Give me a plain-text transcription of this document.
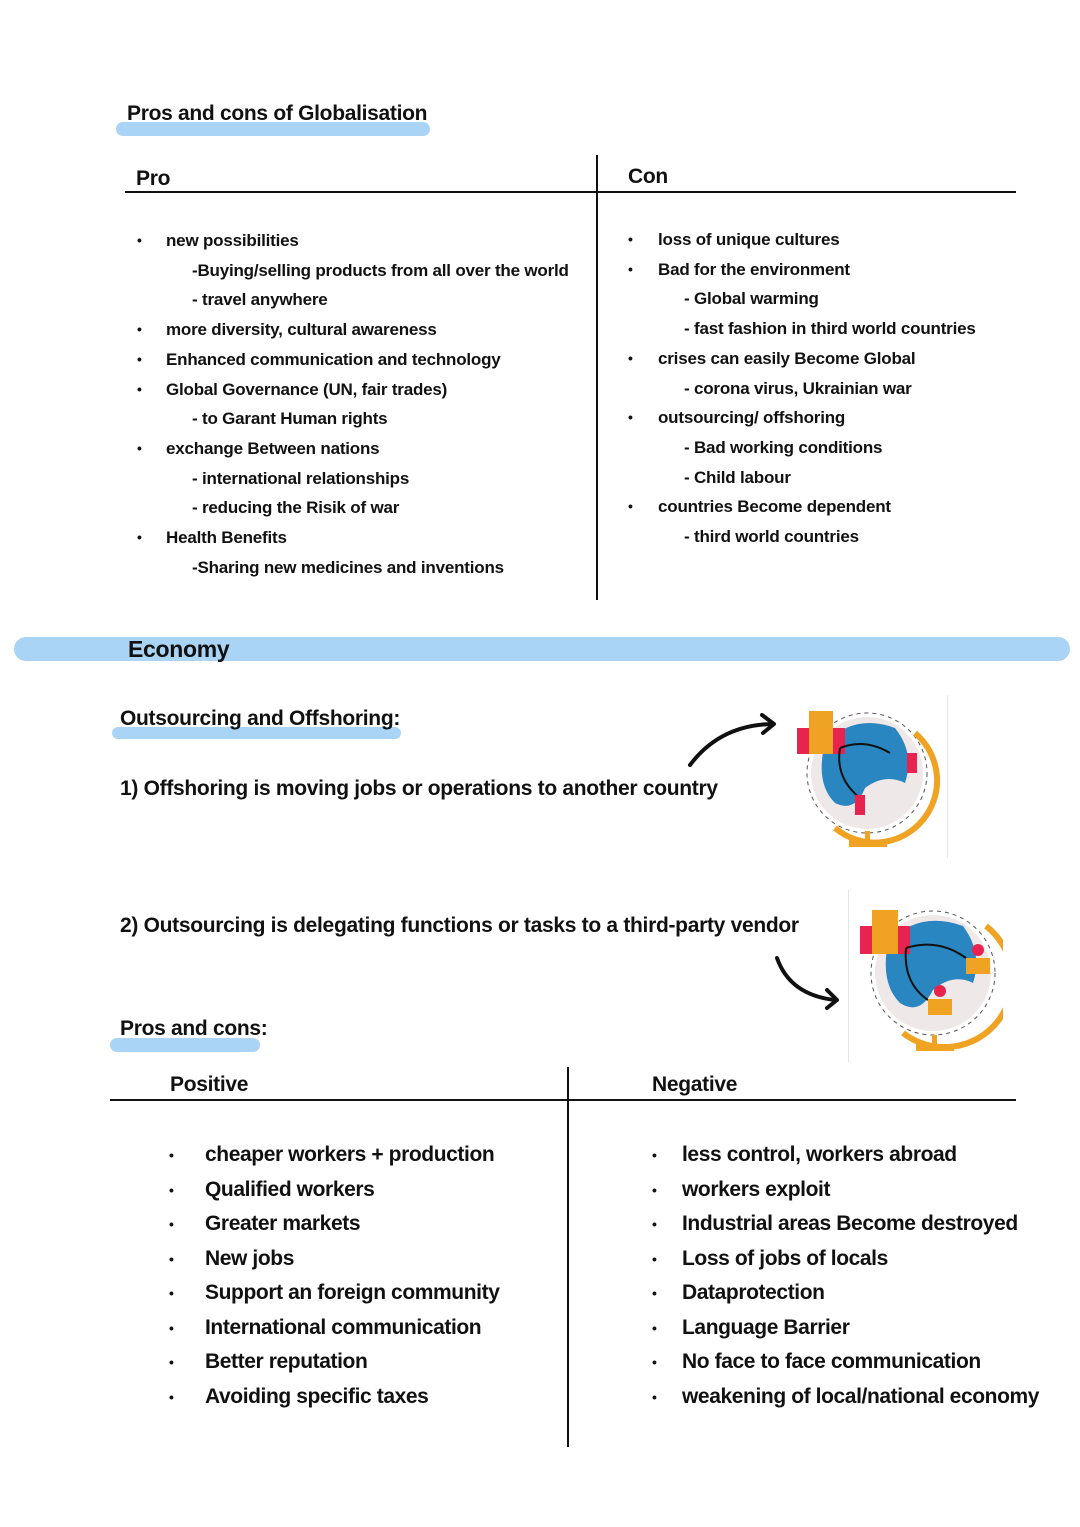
Pros and cons of Globalisation
Pro	Con
• new possibilities
-Buying/selling products from all over the world
- travel anywhere
• more diversity, cultural awareness
• Enhanced communication and technology
• Global Governance (UN, fair trades)
- to Garant Human rights
• exchange Between nations
- international relationships
- reducing the Risik of war
• Health Benefits
-Sharing new medicines and inventions
• loss of unique cultures
• Bad for the environment
- Global warming
- fast fashion in third world countries
• crises can easily Become Global
- corona virus, Ukrainian war
• outsourcing/ offshoring
- Bad working conditions
- Child labour
• countries Become dependent
- third world countries
Economy
Outsourcing and Offshoring:
1) Offshoring is moving jobs or operations to another country
2) Outsourcing is delegating functions or tasks to a third-party vendor
Pros and cons:
Positive	Negative
• cheaper workers + production
• Qualified workers
• Greater markets
• New jobs
• Support an foreign community
• International communication
• Better reputation
• Avoiding specific taxes
• less control, workers abroad
• workers exploit
• Industrial areas Become destroyed
• Loss of jobs of locals
• Dataprotection
• Language Barrier
• No face to face communication
• weakening of local/national economy
